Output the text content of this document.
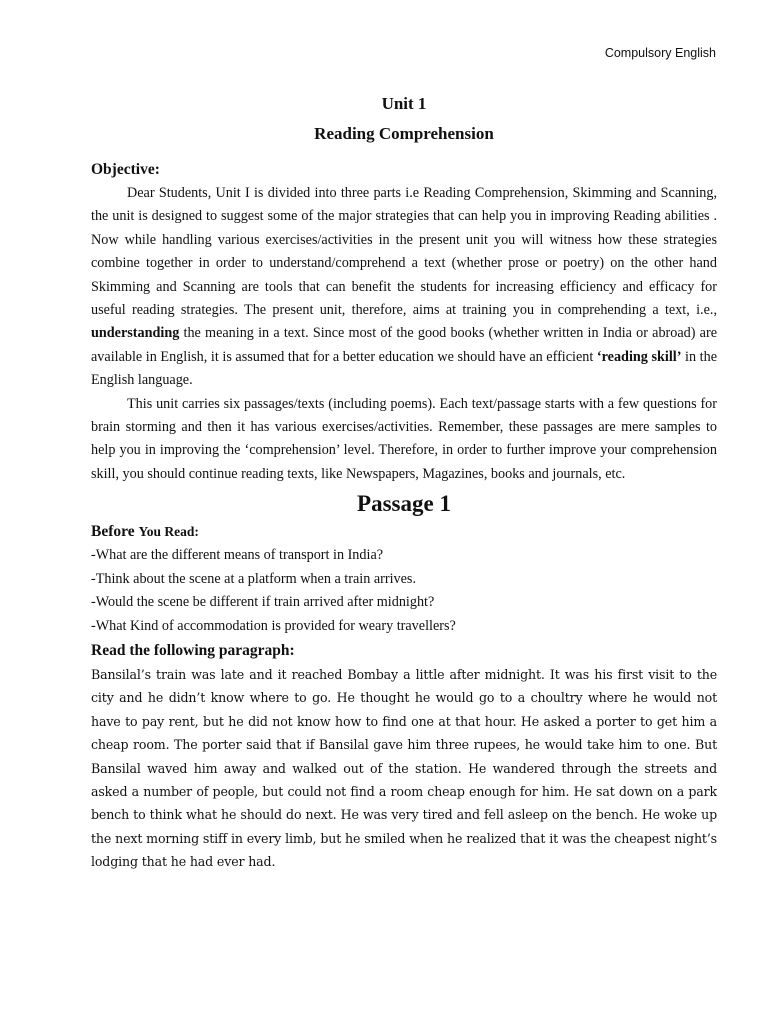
Compulsory English
Unit 1
Reading Comprehension
Objective:

Dear Students, Unit I is divided into three parts i.e Reading Comprehension, Skimming and Scanning, the unit is designed to suggest some of the major strategies that can help you in improving Reading abilities . Now while handling various exercises/activities in the present unit you will witness how these strategies combine together in order to understand/comprehend a text (whether prose or poetry) on the other hand Skimming and Scanning are tools that can benefit the students for increasing efficiency and efficacy for useful reading strategies. The present unit, therefore, aims at training you in comprehending a text, i.e., understanding the meaning in a text. Since most of the good books (whether written in India or abroad) are available in English, it is assumed that for a better education we should have an efficient ‘reading skill’ in the English language.

This unit carries six passages/texts (including poems). Each text/passage starts with a few questions for brain storming and then it has various exercises/activities. Remember, these passages are mere samples to help you in improving the ‘comprehension’ level. Therefore, in order to further improve your comprehension skill, you should continue reading texts, like Newspapers, Magazines, books and journals, etc.

Passage 1
Before You Read:

-What are the different means of transport in India?

-Think about the scene at a platform when a train arrives.

-Would the scene be different if train arrived after midnight?

-What Kind of accommodation is provided for weary travellers?

Read the following paragraph:

Bansilal’s train was late and it reached Bombay a little after midnight. It was his first visit to the city and he didn’t know where to go. He thought he would go to a choultry where he would not have to pay rent, but he did not know how to find one at that hour. He asked a porter to get him a cheap room. The porter said that if Bansilal gave him three rupees, he would take him to one. But Bansilal waved him away and walked out of the station. He wandered through the streets and asked a number of people, but could not find a room cheap enough for him. He sat down on a park bench to think what he should do next. He was very tired and fell asleep on the bench. He woke up the next morning stiff in every limb, but he smiled when he realized that it was the cheapest night’s lodging that he had ever had.
